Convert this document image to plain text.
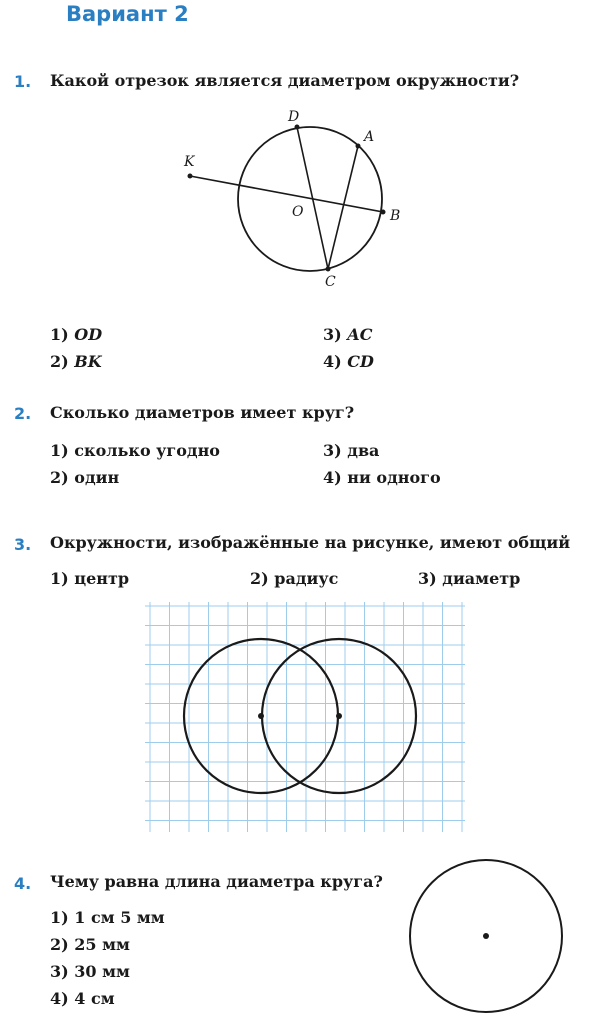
Вариант 2
1. Какой отрезок является диаметром окружности?
K
D
A
O	B
C
1) OD
2) BK
3) AC
4) CD
2. Сколько диаметров имеет круг?
1) сколько угодно
2) один
3) два
4) ни одного
3. Окружности, изображённые на рисунке, имеют общий
1) центр	2) радиус	3) диаметр
4. Чему равна длина диаметра круга?
1) 1 см 5 мм
2) 25 мм
3) 30 мм
4) 4 см
